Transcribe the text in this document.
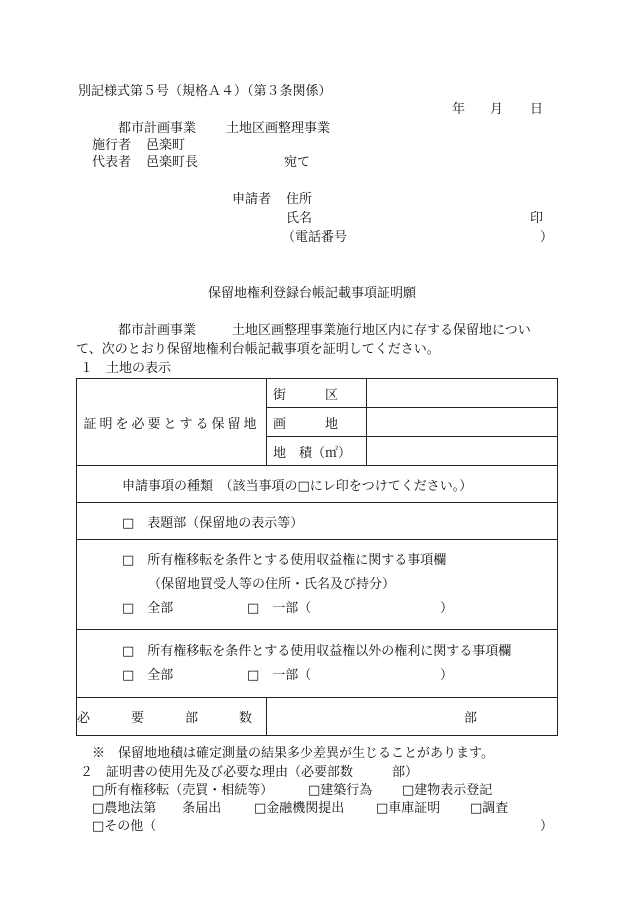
別記様式第５号（規格Ａ４）（第３条関係）
年 月 日
都市計画事業 土地区画整理事業
施行者 邑楽町
代表者 邑楽町長	宛て
申請者 住所
氏名	印
（電話番号	）
保留地権利登録台帳記載事項証明願
都市計画事業	土地区画整理事業施行地区内に存する保留地につい
て、次のとおり保留地権利台帳記載事項を証明してください。
１　土地の表示
証明を必要とする保留地	街　　　区	
	画　　　地	
	地　積（㎡）	
申請事項の種類　（該当事項の□にレ印をつけてください。）		
□　表題部（保留地の表示等）		

□　所有権移転を条件とする使用収益権に関する事項欄
（保留地買受人等の住所・氏名及び持分）
□　全部 □　一部（ ）		

□　所有権移転を条件とする使用収益権以外の権利に関する事項欄
□　全部 □　一部（ ）		

必　要　部　数	部	
※　保留地地積は確定測量の結果多少差異が生じることがあります。
２　証明書の使用先及び必要な理由（必要部数　　　部）
□所有権移転（売買・相続等）	□建築行為 □建物表示登記
□農地法第　　条届出	□金融機関提出 □車庫証明 □調査
□その他（	）
